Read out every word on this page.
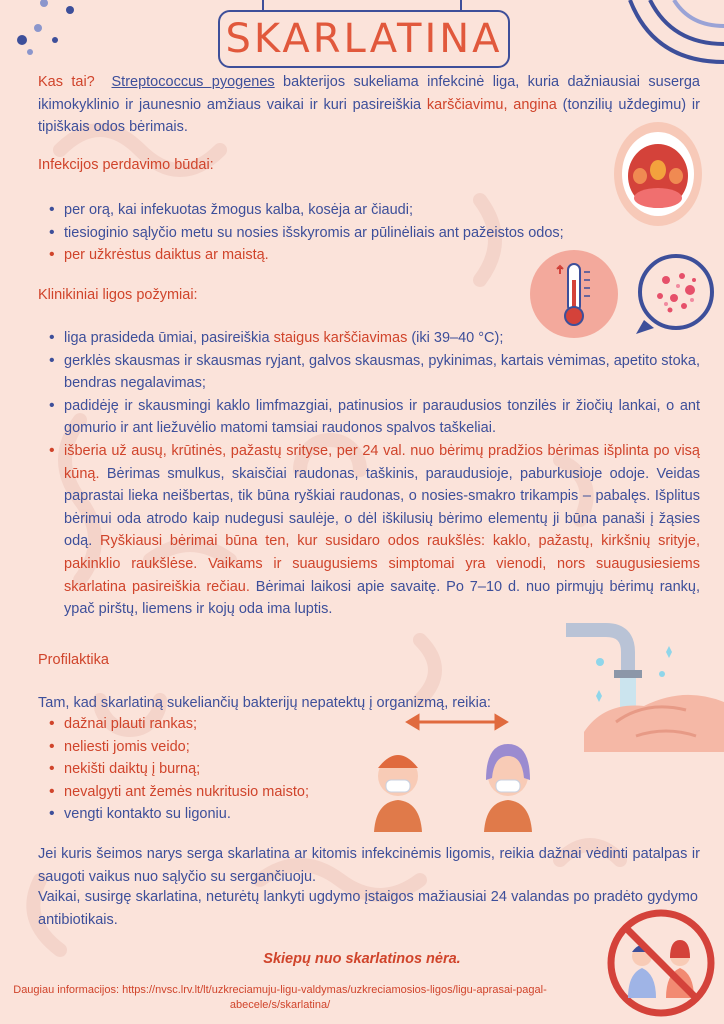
SKARLATINA
Kas tai? Streptococcus pyogenes bakterijos sukeliama infekcinė liga, kuria dažniausiai suserga ikimokyklinio ir jaunesnio amžiaus vaikai ir kuri pasireiškia karščiavimu, angina (tonzilių uždegimu) ir tipiškais odos bėrimais.
Infekcijos perdavimo būdai:
• per orą, kai infekuotas žmogus kalba, kosėja ar čiaudi;
• tiesioginio sąlyčio metu su nosies išskyromis ar pūlinėliais ant pažeistos odos;
• per užkrėstus daiktus ar maistą.
Klinikiniai ligos požymiai:
• liga prasideda ūmiai, pasireiškia staigus karščiavimas (iki 39–40 °C);
• gerklės skausmas ir skausmas ryjant, galvos skausmas, pykinimas, kartais vėmimas, apetito stoka, bendras negalavimas;
• padidėję ir skausmingi kaklo limfmazgiai, patinusios ir paraudusios tonzilės ir žiočių lankai, o ant gomurio ir ant liežuvėlio matomi tamsiai raudonos spalvos taškeliai.
• išberia už ausų, krūtinės, pažastų srityse, per 24 val. nuo bėrimų pradžios bėrimas išplinta po visą kūną. Bėrimas smulkus, skaisčiai raudonas, taškinis, paraudusioje, paburkusioje odoje. Veidas paprastai lieka neišbertas, tik būna ryškiai raudonas, o nosies-smakro trikampis – pabalęs. Išplitus bėrimui oda atrodo kaip nudegusi saulėje, o dėl iškilusių bėrimo elementų ji būna panaši į žąsies odą. Ryškiausi bėrimai būna ten, kur susidaro odos raukšlės: kaklo, pažastų, kirkšnių srityje, pakinklio raukšlėse. Vaikams ir suaugusiems simptomai yra vienodi, nors suaugusiesiems skarlatina pasireiškia rečiau. Bėrimai laikosi apie savaitę. Po 7–10 d. nuo pirmųjų bėrimų rankų, ypač pirštų, liemens ir kojų oda ima luptis.
Profilaktika
Tam, kad skarlatiną sukeliančių bakterijų nepatektų į organizmą, reikia:
• dažnai plauti rankas;
• neliesti jomis veido;
• nekišti daiktų į burną;
• nevalgyti ant žemės nukritusio maisto;
• vengti kontakto su ligoniu.
Jei kuris šeimos narys serga skarlatina ar kitomis infekcinėmis ligomis, reikia dažnai vėdinti patalpas ir saugoti vaikus nuo sąlyčio su sergančiuoju.
Vaikai, susirgę skarlatina, neturėtų lankyti ugdymo įstaigos mažiausiai 24 valandas po pradėto gydymo antibiotikais.
Skiepų nuo skarlatinos nėra.
Daugiau informacijos: https://nvsc.lrv.lt/lt/uzkreciamuju-ligu-valdymas/uzkreciamosios-ligos/ligu-aprasai-pagal-abecele/s/skarlatina/
